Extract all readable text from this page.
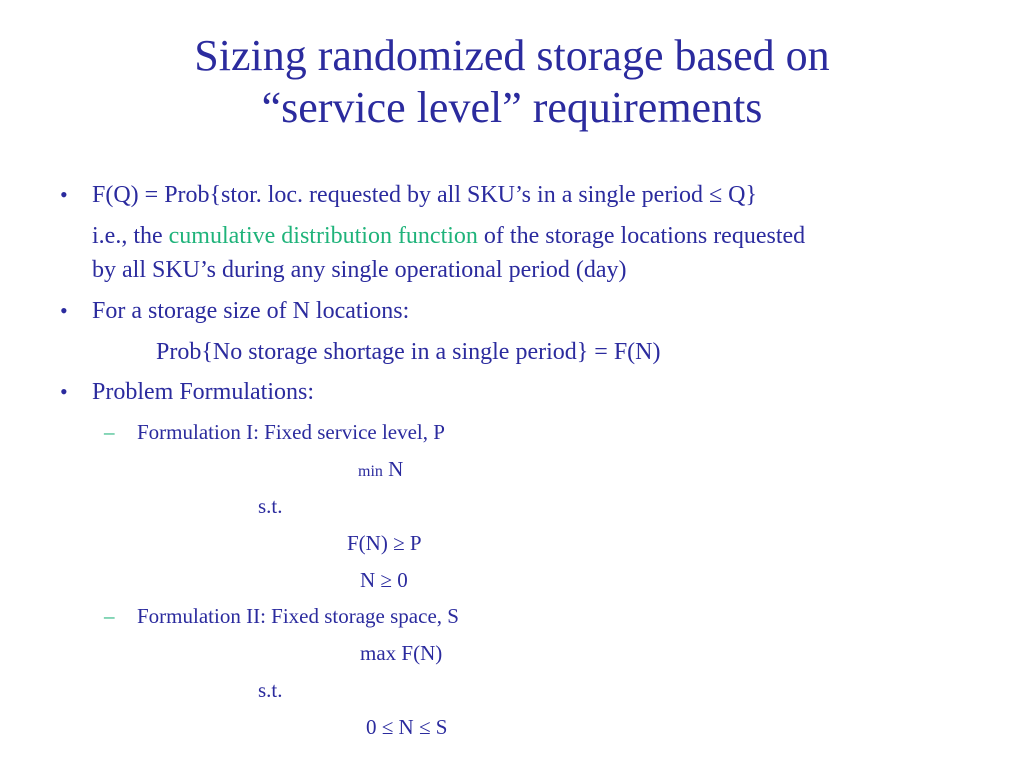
Sizing randomized storage based on
“service level” requirements
• F(Q) = Prob{stor. loc. requested by all SKU’s in a single period ≤ Q}
i.e., the cumulative distribution function of the storage locations requested
by all SKU’s during any single operational period (day)
• For a storage size of N locations:
Prob{No storage shortage in a single period} = F(N)
• Problem Formulations:
– Formulation I: Fixed service level, P
min N
s.t.
F(N) ≥ P
N ≥ 0
– Formulation II: Fixed storage space, S
max F(N)
s.t.
0 ≤ N ≤ S
